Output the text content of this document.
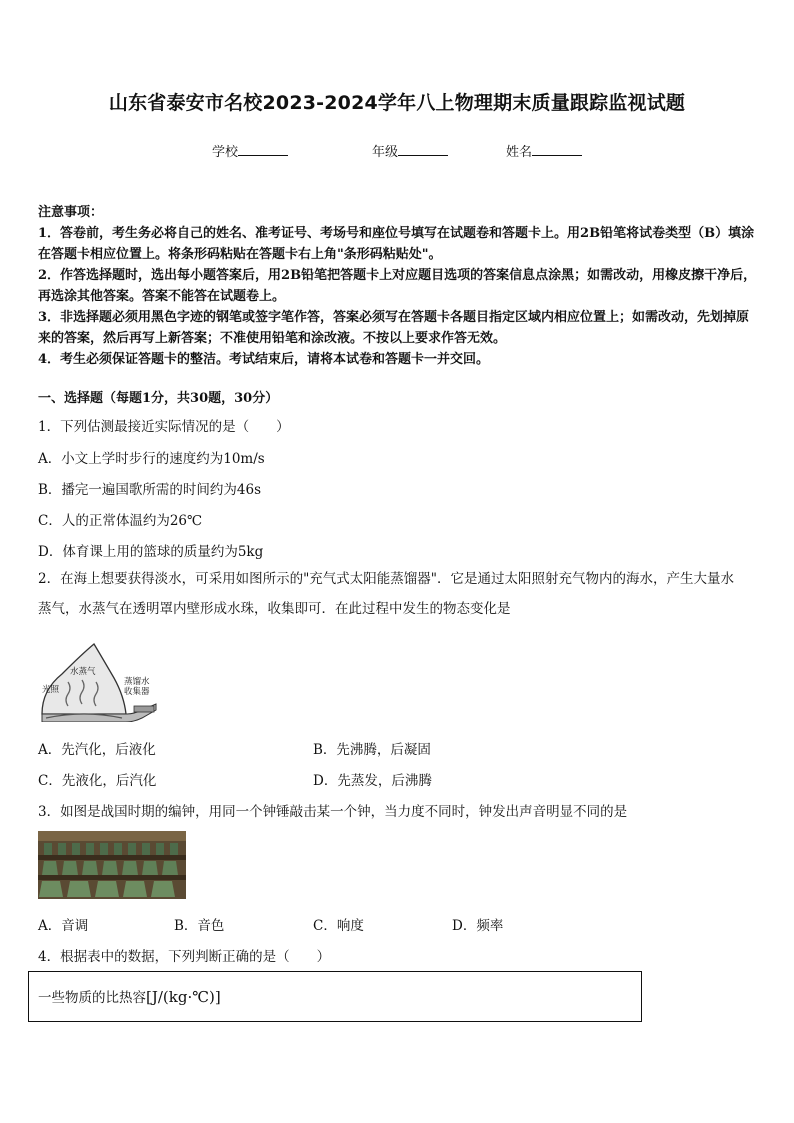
山东省泰安市名校2023-2024学年八上物理期末质量跟踪监视试题
学校	年级	姓名

注意事项：

1．答卷前，考生务必将自己的姓名、准考证号、考场号和座位号填写在试题卷和答题卡上。用2B铅笔将试卷类型（B）填涂在答题卡相应位置上。将条形码粘贴在答题卡右上角"条形码粘贴处"。

2．作答选择题时，选出每小题答案后，用2B铅笔把答题卡上对应题目选项的答案信息点涂黑；如需改动，用橡皮擦干净后，再选涂其他答案。答案不能答在试题卷上。

3．非选择题必须用黑色字迹的钢笔或签字笔作答，答案必须写在答题卡各题目指定区域内相应位置上；如需改动，先划掉原来的答案，然后再写上新答案；不准使用铅笔和涂改液。不按以上要求作答无效。

4．考生必须保证答题卡的整洁。考试结束后，请将本试卷和答题卡一并交回。

一、选择题（每题1分，共30题，30分）
1．下列估测最接近实际情况的是（　　）
A．小文上学时步行的速度约为10m/s
B．播完一遍国歌所需的时间约为46s
C．人的正常体温约为26℃
D．体育课上用的篮球的质量约为5kg
2．在海上想要获得淡水，可采用如图所示的"充气式太阳能蒸馏器"．它是通过太阳照射充气物内的海水，产生大量水
蒸气，水蒸气在透明罩内壁形成水珠，收集即可．在此过程中发生的物态变化是
水蒸气
光照
蒸馏水
收集器
A．先汽化，后液化	B．先沸腾，后凝固
C．先液化，后汽化	D．先蒸发，后沸腾
3．如图是战国时期的编钟，用同一个钟锤敲击某一个钟，当力度不同时，钟发出声音明显不同的是
A．音调	B．音色	C．响度	D．频率
4．根据表中的数据，下列判断正确的是（　　）
一些物质的比热容[J/(kg·℃)]
